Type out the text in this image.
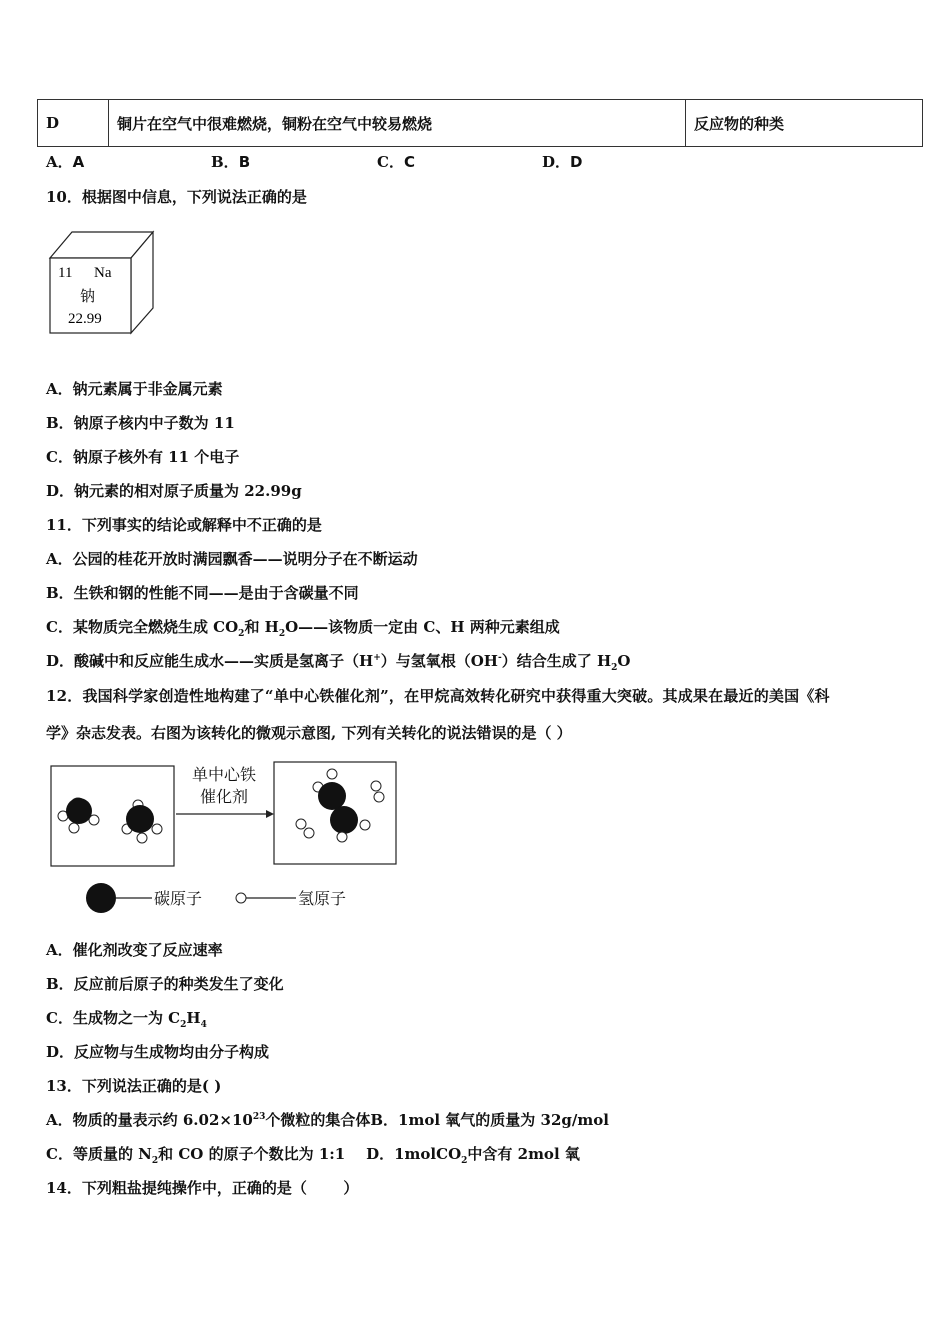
D	铜片在空气中很难燃烧，铜粉在空气中较易燃烧	反应物的种类
A．A	B．B	C．C	D．D
10．根据图中信息，下列说法正确的是
11 Na
钠
22.99
A．钠元素属于非金属元素
B．钠原子核内中子数为 11
C．钠原子核外有 11 个电子
D．钠元素的相对原子质量为 22.99g
11．下列事实的结论或解释中不正确的是
A．公园的桂花开放时满园飘香——说明分子在不断运动
B．生铁和钢的性能不同——是由于含碳量不同
C．某物质完全燃烧生成 $CO_2$和 $H_2O——$该物质一定由 C、H 两种元素组成
D．酸碱中和反应能生成水——实质是氢离子（H+）与氢氧根（OH-）结合生成了 $H_2O$
12．我国科学家创造性地构建了“单中心铁催化剂”，在甲烷高效转化研究中获得重大突破。其成果在最近的美国《科
学》杂志发表。右图为该转化的微观示意图, 下列有关转化的说法错误的是（ ）
单中心铁
催化剂
碳原子	氢原子
A．催化剂改变了反应速率
B．反应前后原子的种类发生了变化
C．生成物之一为 $C_2H_4$
D．反应物与生成物均由分子构成
13．下列说法正确的是( )
A．物质的量表示约 $6.02\times 10^{23}$个微粒的集合体B．1mol 氧气的质量为 32g/mol
C．等质量的 $N_2$和 CO 的原子个数比为 1:1    D．1molCO$_2$中含有 2mol 氧
14．下列粗盐提纯操作中，正确的是（       ）
